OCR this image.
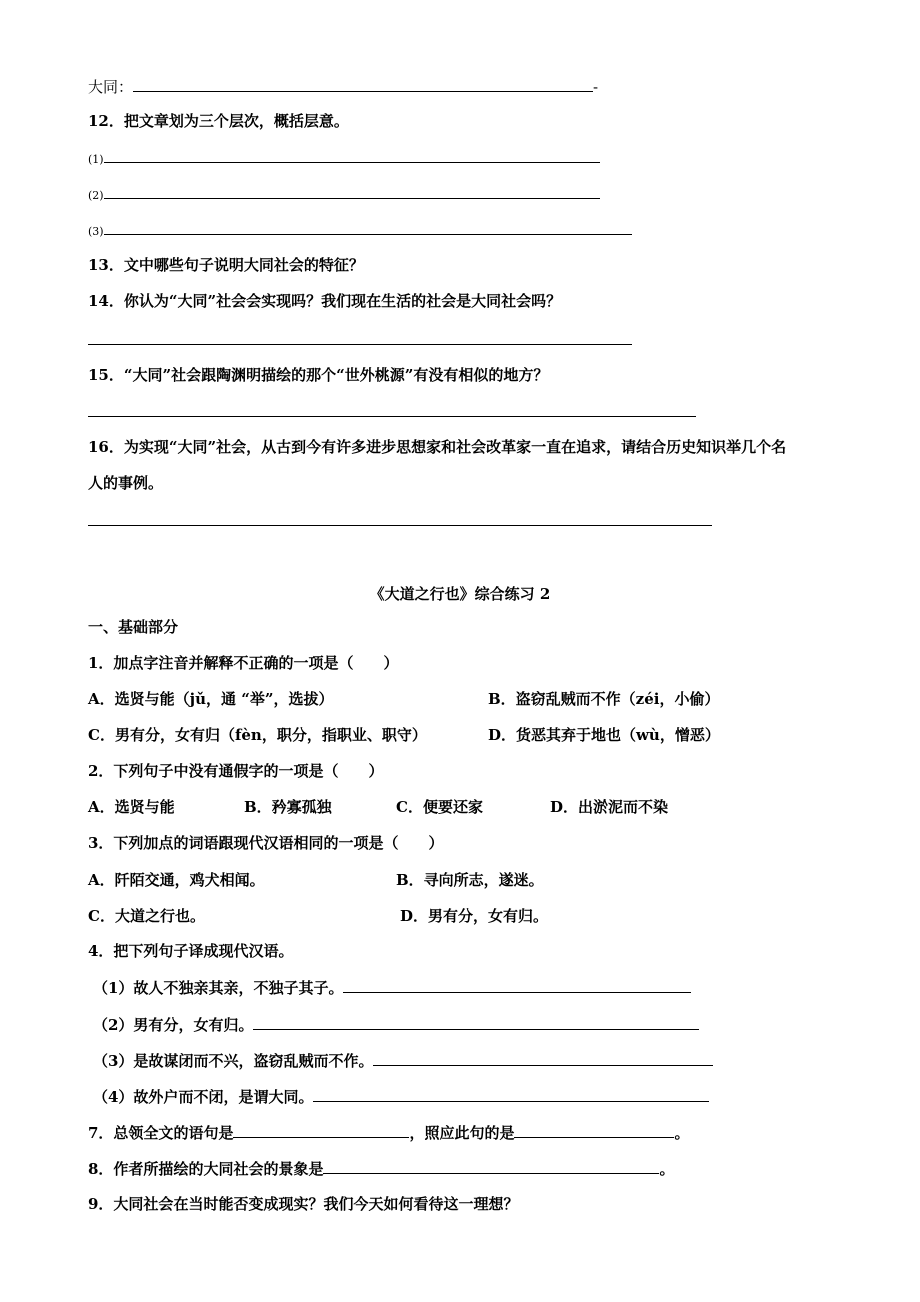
大同：	-
12．把文章划为三个层次，概括层意。
(1)
(2)
(3)
13．文中哪些句子说明大同社会的特征？
14．你认为“大同”社会会实现吗？我们现在生活的社会是大同社会吗？
15．“大同”社会跟陶渊明描绘的那个“世外桃源”有没有相似的地方？
16．为实现“大同”社会，从古到今有许多进步思想家和社会改革家一直在追求，请结合历史知识举几个名
人的事例。
《大道之行也》综合练习 2
一、基础部分
1．加点字注音并解释不正确的一项是（　　）
A．选贤与能（jǔ，通 “举”，选拔）	B．盗窃乱贼而不作（zéi，小偷）
C．男有分，女有归（fèn，职分，指职业、职守）	D．货恶其弃于地也（wù，憎恶）
2．下列句子中没有通假字的一项是（　　）
A．选贤与能	B．矜寡孤独	C．便要还家	D．出淤泥而不染
3．下列加点的词语跟现代汉语相同的一项是（　　）
A．阡陌交通，鸡犬相闻。	B．寻向所志，遂迷。
C．大道之行也。	D．男有分，女有归。
4．把下列句子译成现代汉语。
（1）故人不独亲其亲，不独子其子。
（2）男有分，女有归。
（3）是故谋闭而不兴，盗窃乱贼而不作。
（4）故外户而不闭，是谓大同。
7．总领全文的语句是	，照应此句的是	。
8．作者所描绘的大同社会的景象是	。
9．大同社会在当时能否变成现实？我们今天如何看待这一理想？
